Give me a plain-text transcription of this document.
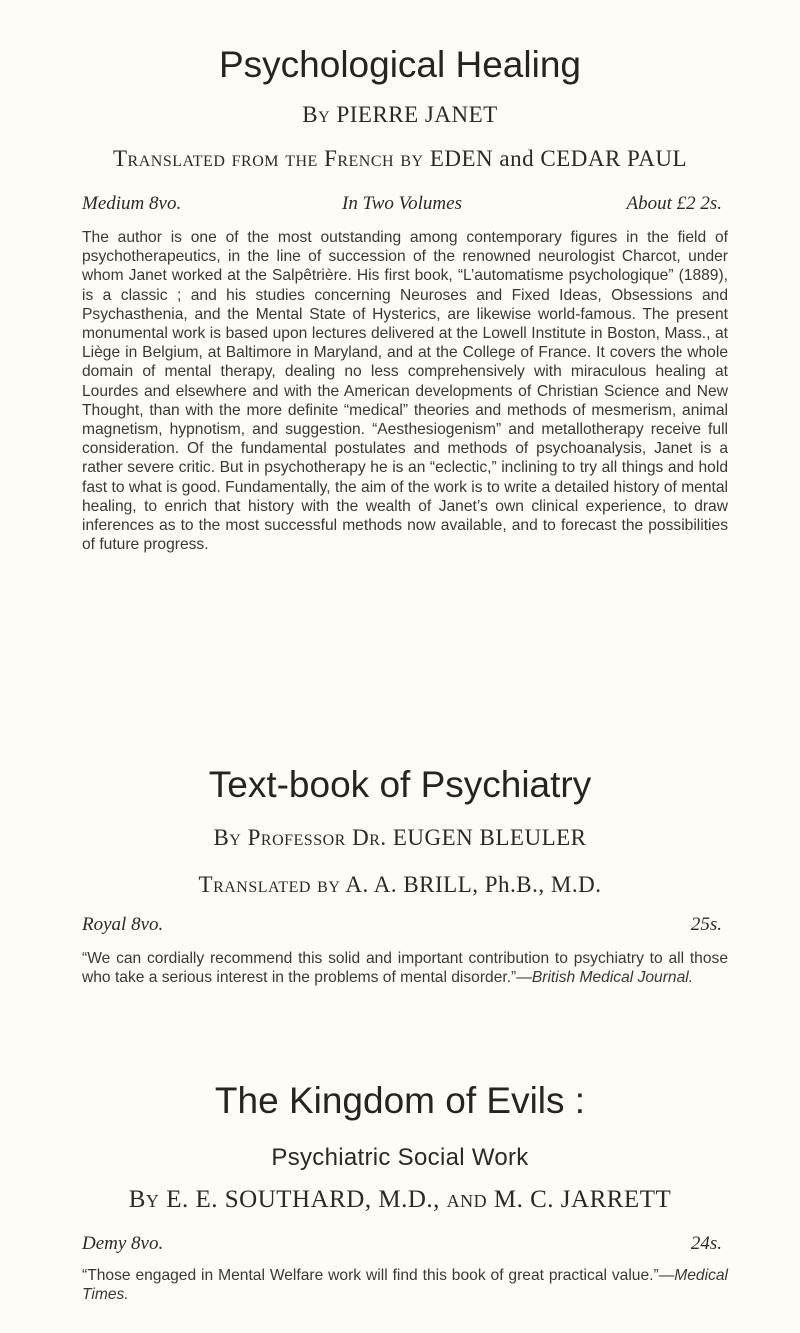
Psychological Healing

By PIERRE JANET

Translated from the French by EDEN and CEDAR PAUL

Medium 8vo.	In Two Volumes	About £2 2s.

The author is one of the most outstanding among contemporary figures in the field of psychotherapeutics, in the line of succession of the renowned neurologist Charcot, under whom Janet worked at the Salpêtrière. His first book, “L’automatisme psychologique” (1889), is a classic ; and his studies concerning Neuroses and Fixed Ideas, Obsessions and Psychasthenia, and the Mental State of Hysterics, are likewise world-famous. The present monumental work is based upon lectures delivered at the Lowell Institute in Boston, Mass., at Liège in Belgium, at Baltimore in Maryland, and at the College of France. It covers the whole domain of mental therapy, dealing no less comprehensively with miraculous healing at Lourdes and elsewhere and with the American developments of Christian Science and New Thought, than with the more definite “medical” theories and methods of mesmerism, animal magnetism, hypnotism, and suggestion. “Aesthesiogenism” and metallotherapy receive full consideration. Of the fundamental postulates and methods of psychoanalysis, Janet is a rather severe critic. But in psychotherapy he is an “eclectic,” inclining to try all things and hold fast to what is good. Fundamentally, the aim of the work is to write a detailed history of mental healing, to enrich that history with the wealth of Janet’s own clinical experience, to draw inferences as to the most successful methods now available, and to forecast the possibilities of future progress.

Text-book of Psychiatry

By Professor Dr. EUGEN BLEULER

Translated by A. A. BRILL, Ph.B., M.D.

Royal 8vo.	25s.

“We can cordially recommend this solid and important contribution to psychiatry to all those who take a serious interest in the problems of mental disorder.”—British Medical Journal.

The Kingdom of Evils :

Psychiatric Social Work

By E. E. SOUTHARD, M.D., and M. C. JARRETT

Demy 8vo.	24s.

“Those engaged in Mental Welfare work will find this book of great practical value.”—Medical Times.
